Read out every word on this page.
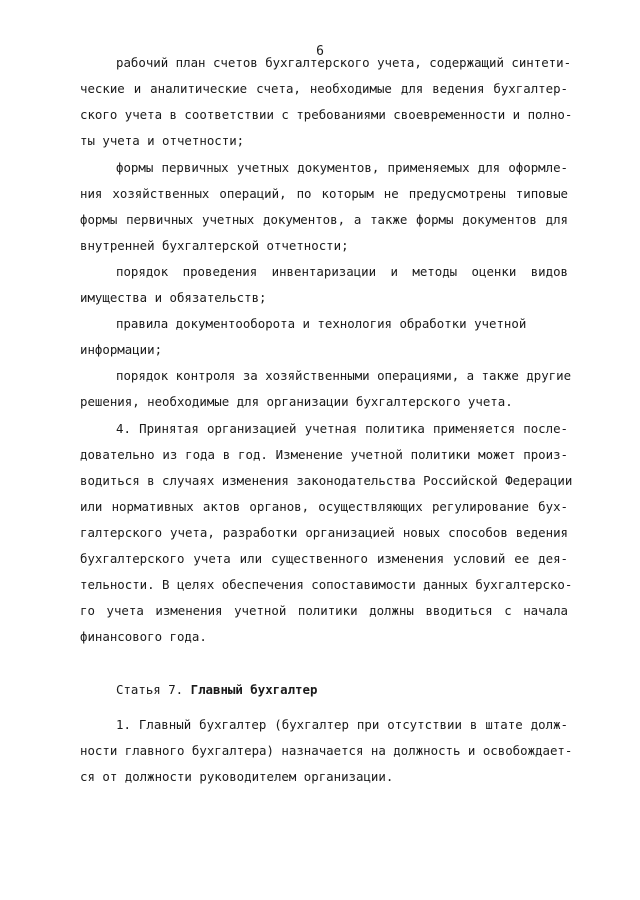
6
рабочий план счетов бухгалтерского учета, содержащий синтети-
ческие и аналитические счета, необходимые для ведения бухгалтер-
ского учета в соответствии с требованиями своевременности и полно-
ты учета и отчетности;
формы первичных учетных документов, применяемых для оформле-
ния хозяйственных операций, по которым не предусмотрены типовые
формы первичных учетных документов, а также формы документов для
внутренней бухгалтерской отчетности;
порядок проведения инвентаризации и методы оценки видов
имущества и обязательств;
правила документооборота и технология обработки учетной
информации;
порядок контроля за хозяйственными операциями, а также другие
решения, необходимые для организации бухгалтерского учета.
4. Принятая организацией учетная политика применяется после-
довательно из года в год. Изменение учетной политики может произ-
водиться в случаях изменения законодательства Российской Федерации
или нормативных актов органов, осуществляющих регулирование бух-
галтерского учета, разработки организацией новых способов ведения
бухгалтерского учета или существенного изменения условий ее дея-
тельности. В целях обеспечения сопоставимости данных бухгалтерско-
го учета изменения учетной политики должны вводиться с начала
финансового года.
Статья 7. Главный бухгалтер
1. Главный бухгалтер (бухгалтер при отсутствии в штате долж-
ности главного бухгалтера) назначается на должность и освобождает-
ся от должности руководителем организации.
